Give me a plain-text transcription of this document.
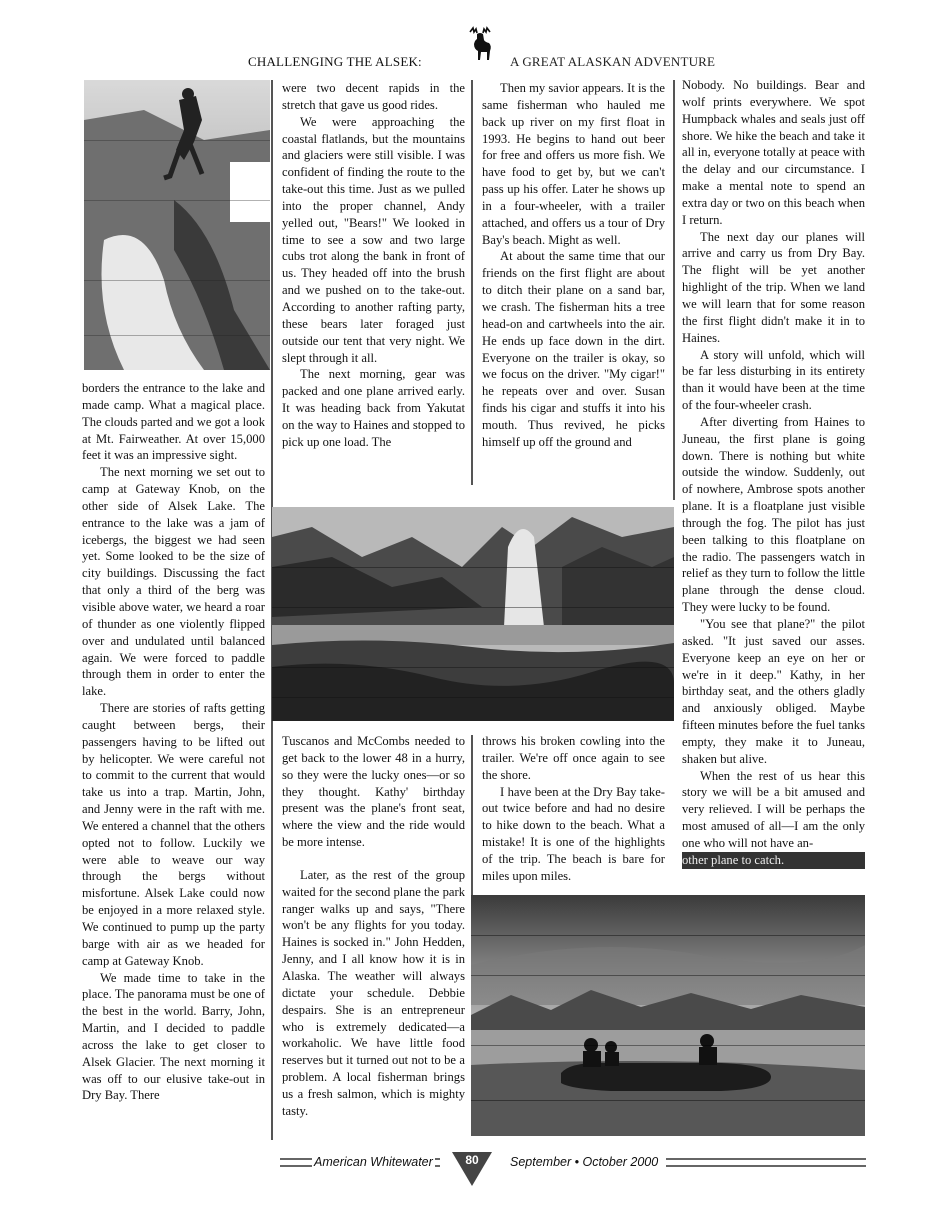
CHALLENGING THE ALSEK:	A GREAT ALASKAN ADVENTURE

borders the entrance to the lake and made camp. What a magical place. The clouds parted and we got a look at Mt. Fairweather. At over 15,000 feet it was an impressive sight.

The next morning we set out to camp at Gateway Knob, on the other side of Alsek Lake. The entrance to the lake was a jam of icebergs, the biggest we had seen yet. Some looked to be the size of city buildings. Discussing the fact that only a third of the berg was visible above water, we heard a roar of thunder as one violently flipped over and undulated until balanced again. We were forced to paddle through them in order to enter the lake.

There are stories of rafts getting caught between bergs, their passengers having to be lifted out by helicopter. We were careful not to commit to the current that would take us into a trap. Martin, John, and Jenny were in the raft with me. We entered a channel that the others opted not to follow. Luckily we were able to weave our way through the bergs without misfortune. Alsek Lake could now be enjoyed in a more relaxed style. We continued to pump up the party barge with air as we headed for camp at Gateway Knob.

We made time to take in the place. The panorama must be one of the best in the world. Barry, John, Martin, and I decided to paddle across the lake to get closer to Alsek Glacier. The next morning it was off to our elusive take-out in Dry Bay. There

were two decent rapids in the stretch that gave us good rides.

We were approaching the coastal flatlands, but the mountains and glaciers were still visible. I was confident of finding the route to the take-out this time. Just as we pulled into the proper channel, Andy yelled out, "Bears!" We looked in time to see a sow and two large cubs trot along the bank in front of us. They headed off into the brush and we pushed on to the take-out. According to another rafting party, these bears later foraged just outside our tent that very night. We slept through it all.

The next morning, gear was packed and one plane arrived early. It was heading back from Yakutat on the way to Haines and stopped to pick up one load. The

Then my savior appears. It is the same fisherman who hauled me back up river on my first float in 1993. He begins to hand out beer for free and offers us more fish. We have food to get by, but we can't pass up his offer. Later he shows up in a four-wheeler, with a trailer attached, and offers us a tour of Dry Bay's beach. Might as well.

At about the same time that our friends on the first flight are about to ditch their plane on a sand bar, we crash. The fisherman hits a tree head-on and cartwheels into the air. He ends up face down in the dirt. Everyone on the trailer is okay, so we focus on the driver. "My cigar!" he repeats over and over. Susan finds his cigar and stuffs it into his mouth. Thus revived, he picks himself up off the ground and

Nobody. No buildings. Bear and wolf prints everywhere. We spot Humpback whales and seals just off shore. We hike the beach and take it all in, everyone totally at peace with the delay and our circumstance. I make a mental note to spend an extra day or two on this beach when I return.

The next day our planes will arrive and carry us from Dry Bay. The flight will be yet another highlight of the trip. When we land we will learn that for some reason the first flight didn't make it in to Haines.

A story will unfold, which will be far less disturbing in its entirety than it would have been at the time of the four-wheeler crash.

After diverting from Haines to Juneau, the first plane is going down. There is nothing but white outside the window. Suddenly, out of nowhere, Ambrose spots another plane. It is a floatplane just visible through the fog. The pilot has just been talking to this floatplane on the radio. The passengers watch in relief as they turn to follow the little plane through the dense cloud. They were lucky to be found.

"You see that plane?" the pilot asked. "It just saved our asses. Everyone keep an eye on her or we're in it deep." Kathy, in her birthday seat, and the others gladly and anxiously obliged. Maybe fifteen minutes before the fuel tanks empty, they make it to Juneau, shaken but alive.

When the rest of us hear this story we will be a bit amused and very relieved. I will be perhaps the most amused of all—I am the only one who will not have an-

other plane to catch.

Tuscanos and McCombs needed to get back to the lower 48 in a hurry, so they were the lucky ones—or so they thought. Kathy' birthday present was the plane's front seat, where the view and the ride would be more intense.

Later, as the rest of the group waited for the second plane the park ranger walks up and says, "There won't be any flights for you today. Haines is socked in." John Hedden, Jenny, and I all know how it is in Alaska. The weather will always dictate your schedule. Debbie despairs. She is an entrepreneur who is extremely dedicated—a workaholic. We have little food reserves but it turned out not to be a problem. A local fisherman brings us a fresh salmon, which is mighty tasty.

throws his broken cowling into the trailer. We're off once again to see the shore.

I have been at the Dry Bay take-out twice before and had no desire to hike down to the beach. What a mistake! It is one of the highlights of the trip. The beach is bare for miles upon miles.

American Whitewater	80	September • October 2000
